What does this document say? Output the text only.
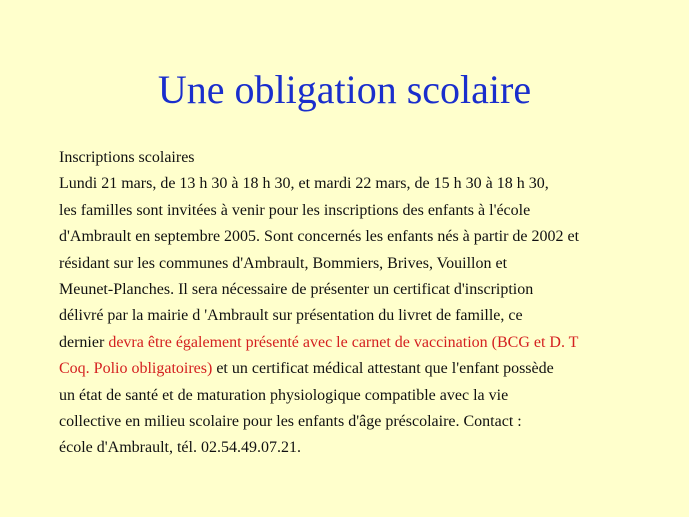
Une obligation scolaire
Inscriptions scolaires
Lundi 21 mars, de 13 h 30 à 18 h 30, et mardi 22 mars, de 15 h 30 à 18 h 30,
les familles sont invitées à venir pour les inscriptions des enfants à l'école
d'Ambrault en septembre 2005. Sont concernés les enfants nés à partir de 2002 et
résidant sur les communes d'Ambrault, Bommiers, Brives, Vouillon et
Meunet-Planches. Il sera nécessaire de présenter un certificat d'inscription
délivré par la mairie d 'Ambrault sur présentation du livret de famille, ce
dernier devra être également présenté avec le carnet de vaccination (BCG et D. T
Coq. Polio obligatoires) et un certificat médical attestant que l'enfant possède
un état de santé et de maturation physiologique compatible avec la vie
collective en milieu scolaire pour les enfants d'âge préscolaire. Contact :
école d'Ambrault, tél. 02.54.49.07.21.
